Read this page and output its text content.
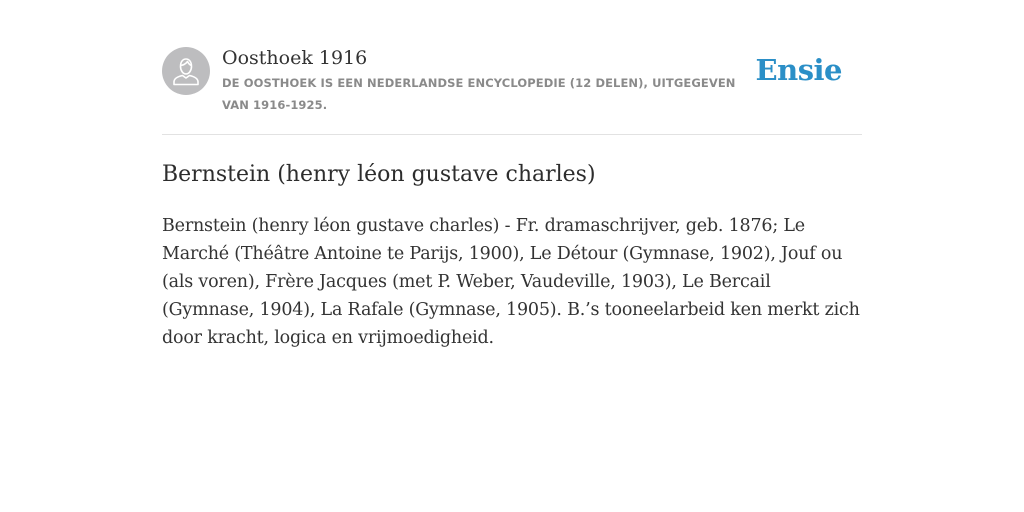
Oosthoek 1916
DE OOSTHOEK IS EEN NEDERLANDSE ENCYCLOPEDIE (12 DELEN), UITGEGEVEN VAN 1916-1925.
Ensie
Bernstein (henry léon gustave charles)

Bernstein (henry léon gustave charles) - Fr. dramaschrijver, geb. 1876; Le Marché (Théâtre Antoine te Parijs, 1900), Le Détour (Gymnase, 1902), Jouf ou (als voren), Frère Jacques (met P. Weber, Vaudeville, 1903), Le Bercail (Gymnase, 1904), La Rafale (Gymnase, 1905). B.’s tooneelarbeid ken merkt zich door kracht, logica en vrijmoedigheid.
